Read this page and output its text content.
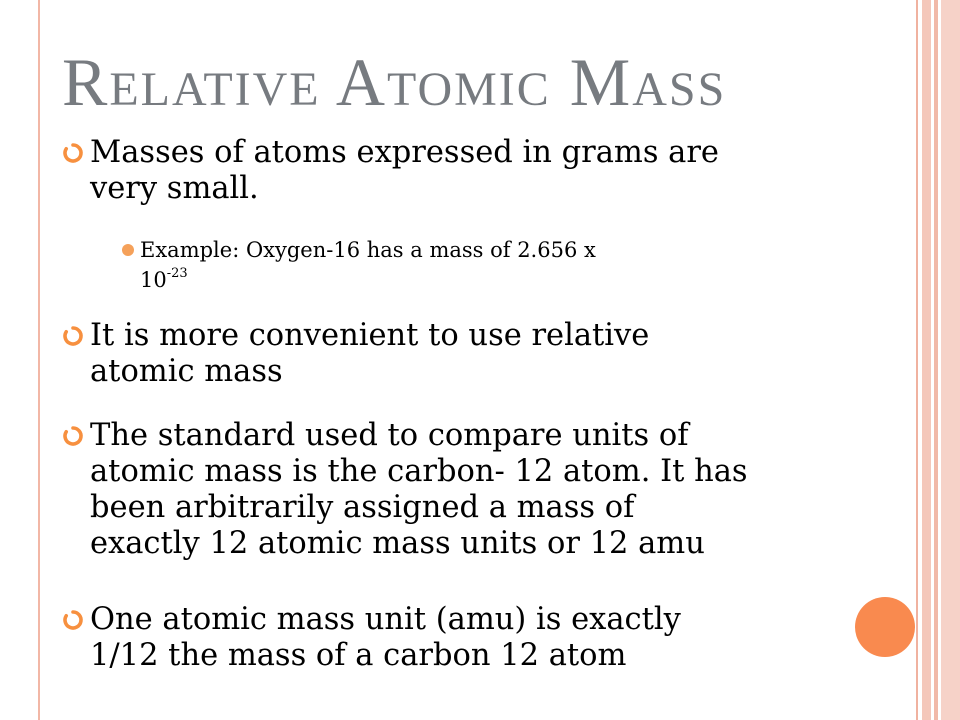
Relative Atomic Mass
Masses of atoms expressed in grams are
very small.
Example: Oxygen-16 has a mass of 2.656 x
$10^{-23}$
It is more convenient to use relative
atomic mass
The standard used to compare units of
atomic mass is the carbon- 12 atom. It has
been arbitrarily assigned a mass of
exactly 12 atomic mass units or 12 amu
One atomic mass unit (amu) is exactly
1/12 the mass of a carbon 12 atom
